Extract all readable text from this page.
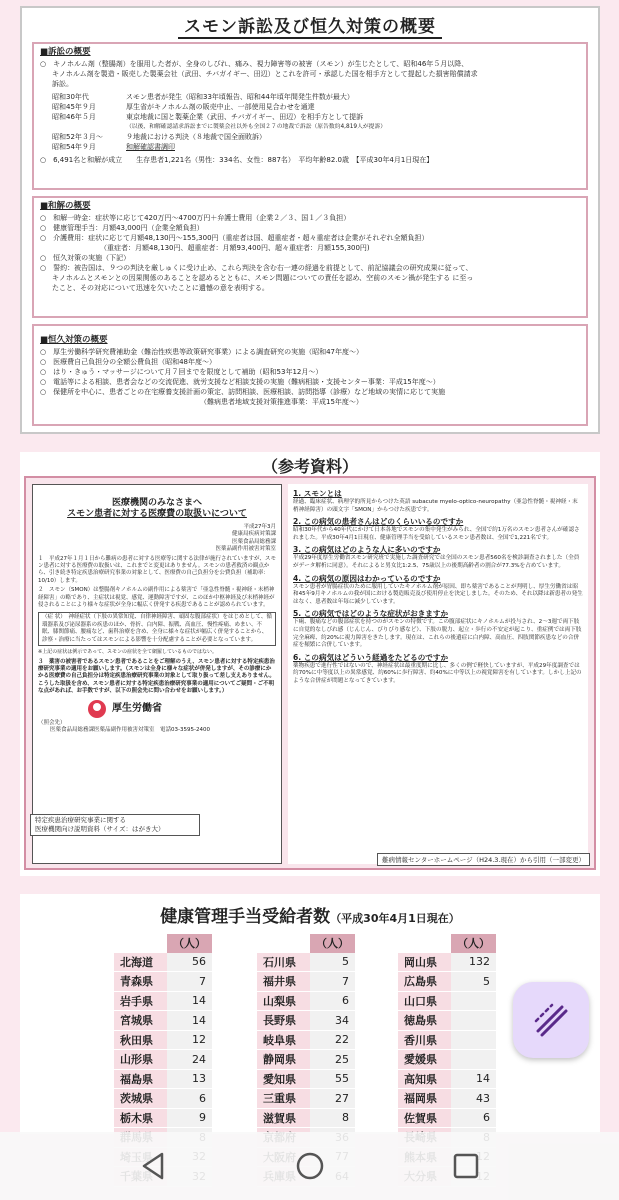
スモン訴訟及び恒久対策の概要
■訴訟の概要
○　キノホルム剤（整腸剤）を服用した者が、全身のしびれ、痛み、視力障害等の被害（スモン）が生じたとして、昭和46年５月以降、
キノホルム剤を製造・販売した製薬会社（武田、チバガイギー、田辺）とこれを許可・承認した国を相手方として提起した損害賠償請求
訴訟。
昭和30年代	スモン患者が発生（昭和33年頃報告、昭和44年頃年間発生件数が最大）
昭和45年９月	厚生省がキノホルム剤の販売中止、一部使用見合わせを通達
昭和46年５月	東京地裁に国と製薬企業（武田、チバガイギー、田辺）を相手方として提訴
（以後、和解確認請求訴訟までに製薬会社以外も全国２７の地裁で訴訟（原告数約4,819人が提訴）
昭和52年３月～	９地裁における判決（８地裁で国全面敗訴）
昭和54年９月	和解確認書調印
○　6,491名と和解が成立　　生存患者1,221名（男性：334名、女性：887名）　平均年齢82.0歳　【平成30年4月1日現在】
■和解の概要
○　和解一時金：症状等に応じて420万円～4700万円＋弁護士費用（企業２／３、国１／３負担）
○　健康管理手当：月額43,000円（企業全額負担）
○　介護費用：症状に応じて月額48,130円～155,300円（重症者は国、超重症者・超々重症者は企業がそれぞれ全額負担）
（重症者：月額48,130円、超重症者：月額93,400円、超々重症者：月額155,300円)
○　恒久対策の実施（下記）
○　誓約：被告国は、９つの判決を厳しゅくに受け止め、これら判決を含む右一連の経過を前提として、前記協議会の研究成果に従って、
キノホルムとスモンとの因果関係のあることを認めるとともに、スモン問題についての責任を認め、空前のスモン禍が発生する に至っ
たこと、その対応について迅速を欠いたことに遺憾の意を表明する。
■恒久対策の概要
○　厚生労働科学研究費補助金（難治性疾患等政策研究事業）による調査研究の実施（昭和47年度～）
○　医療費自己負担分の全額公費負担（昭和48年度～）
○　はり・きゅう・マッサージについて月７回までを限度として補助（昭和53年12月～）
○　電話等による相談、患者会などの交流促進、就労支援など相談支援の実施（難病相談・支援センター事業：平成15年度～）
○　保健所を中心に、患者ごとの在宅療養支援計画の策定、訪問相談、医療相談、訪問指導（診療）など地域の実情に応じて実施
（難病患者地域支援対策推進事業：平成15年度～）
（参考資料）
医療機関のみなさまへ
スモン患者に対する医療費の取扱いについて
平成27年3月
健康局疾病対策課
医薬食品局総務課
医薬品副作用被害対策室
１　平成27年１月１日から難病の患者に対する医療等に関する法律が施行されていますが、スモン患者に対する医療費の取扱いは、これまでと変更はありません。スモンの患者救済の観点から、引き続き特定疾患治療研究事業の対象として、医療費の自己負担分を公費負担（補助率：10/10）します。
２　スモン（SMON）は整腸剤キノホルムの副作用による薬害で「亜急性脊髄・視神経・末梢神経障害」の略であり、主症状は視覚、感覚、運動障害ですが、このほか中枢神経及び末梢神経が侵されることにより様々な症状が全身に幅広く併発する疾患であることが認められています。
（症 状）　神経症状（下肢の異常知覚、自律神経障害、頑固な腹部症状）をはじめとして、循環器系及び泌尿器系の疾患のほか、骨折、白内障、振戦、高血圧、慢性疼痛、めまい、不眠、膝関節痛、腰痛など、歯科治療を含め、全身に様々な症状が幅広く併発することから、診察・治療に当たってはスモンによる影響を十分配慮することが必要となっています。
※上記の症状は例示であって、スモンの症状を全て網羅しているものではない。
３　薬害の被害者であるスモン患者であることをご理解のうえ、スモン患者に対する特定疾患治療研究事業の適用をお願いします。（スモンは全身に様々な症状が併発しますが、その診療にかかる医療費の自己負担分は特定疾患治療研究事業の対象として取り扱って差し支えありません。こうした取扱を含め、スモン患者に対する特定疾患治療研究事業の適用についてご疑問・ご不明な点があれば、お手数ですが、以下の照会先に問い合わせをお願いします。）
厚生労働省
（照会先）
医薬食品局総務課医薬品副作用被害対策室　電話03-3595-2400
1. スモンとは
経過、臨床症状、病理学的所見からつけた英語 subacute myelo-optico-neuropathy（亜急性脊髄・視神経・末梢神経障害）の頭文字「SMON」からつけた疾患です。
2. この病気の患者さんはどのくらいいるのですか
昭和30年代から40年代にかけて日本各地でスモンの集中発生がみられ、全国で約1万名のスモン患者さんが確認されました。平成30年4月1日現在、健康管理手当を受給しているスモン患者数は、全国で1,221名です。
3. この病気はどのような人に多いのですか
平成29年度厚生労働省スモン研究班で実施した調査研究では全国のスモン患者560名を検診調査されました（全員がデータ解析に同意）。それによると男女比1:2.5、75歳以上の後期高齢者の割合が77.3%を占めています。
4. この病気の原因はわかっているのですか
スモン患者が胃腸症状のために服用していたキノホルム剤が原因、即ち薬害であることが判明し、厚生労働省は昭和45年9月キノホルムの我が国における製造販売及び使用停止を決定しました。そのため、それ以降は新患者の発生はなく、患者数は年毎に減少しています。
5. この病気ではどのような症状がおきますか
下痢、腹痛などの腹部症状を持つのがスモンの特徴です。この腹部症状にキノホルムが投与され、2～3週で両下肢に自覚的なしびれ感（じんじん、びりびり感など）、下肢の脱力、起立・歩行の不安定が起こり、重症例では両下肢完全麻痺、約20%に視力障害をきたします。現在は、これらの後遺症に白内障、高血圧、四肢関節疾患などの合併症を頻繁に合併しています。
6. この病気はどういう経過をたどるのですか
薬物疾患で進行性ではないので、神経症状は最重度期に比し、多くの例で軽快していますが、平成29年度調査では約70%に中等度以上の異常感覚、約60%に歩行障害、約40%に中等以上の視覚障害を有しています。しかし上記のような合併症が問題となってきています。
特定疾患治療研究事業に関する
医療機関向け説明資料（サイズ：はがき大）
難病情報センターホームページ（H24.3.現在）から引用（一部変更）
健康管理手当受給者数（平成30年4月1日現在）
	（人）
北海道	56
青森県	7
岩手県	14
宮城県	14
秋田県	12
山形県	24
福島県	13
茨城県	6
栃木県	9

	（人）
石川県	5
福井県	7
山梨県	6
長野県	34
岐阜県	22
静岡県	25
愛知県	55
三重県	27
滋賀県	8

	（人）
岡山県	132
広島県	5
山口県	
徳島県	
香川県	
愛媛県	
高知県	14
福岡県	43
佐賀県	6
